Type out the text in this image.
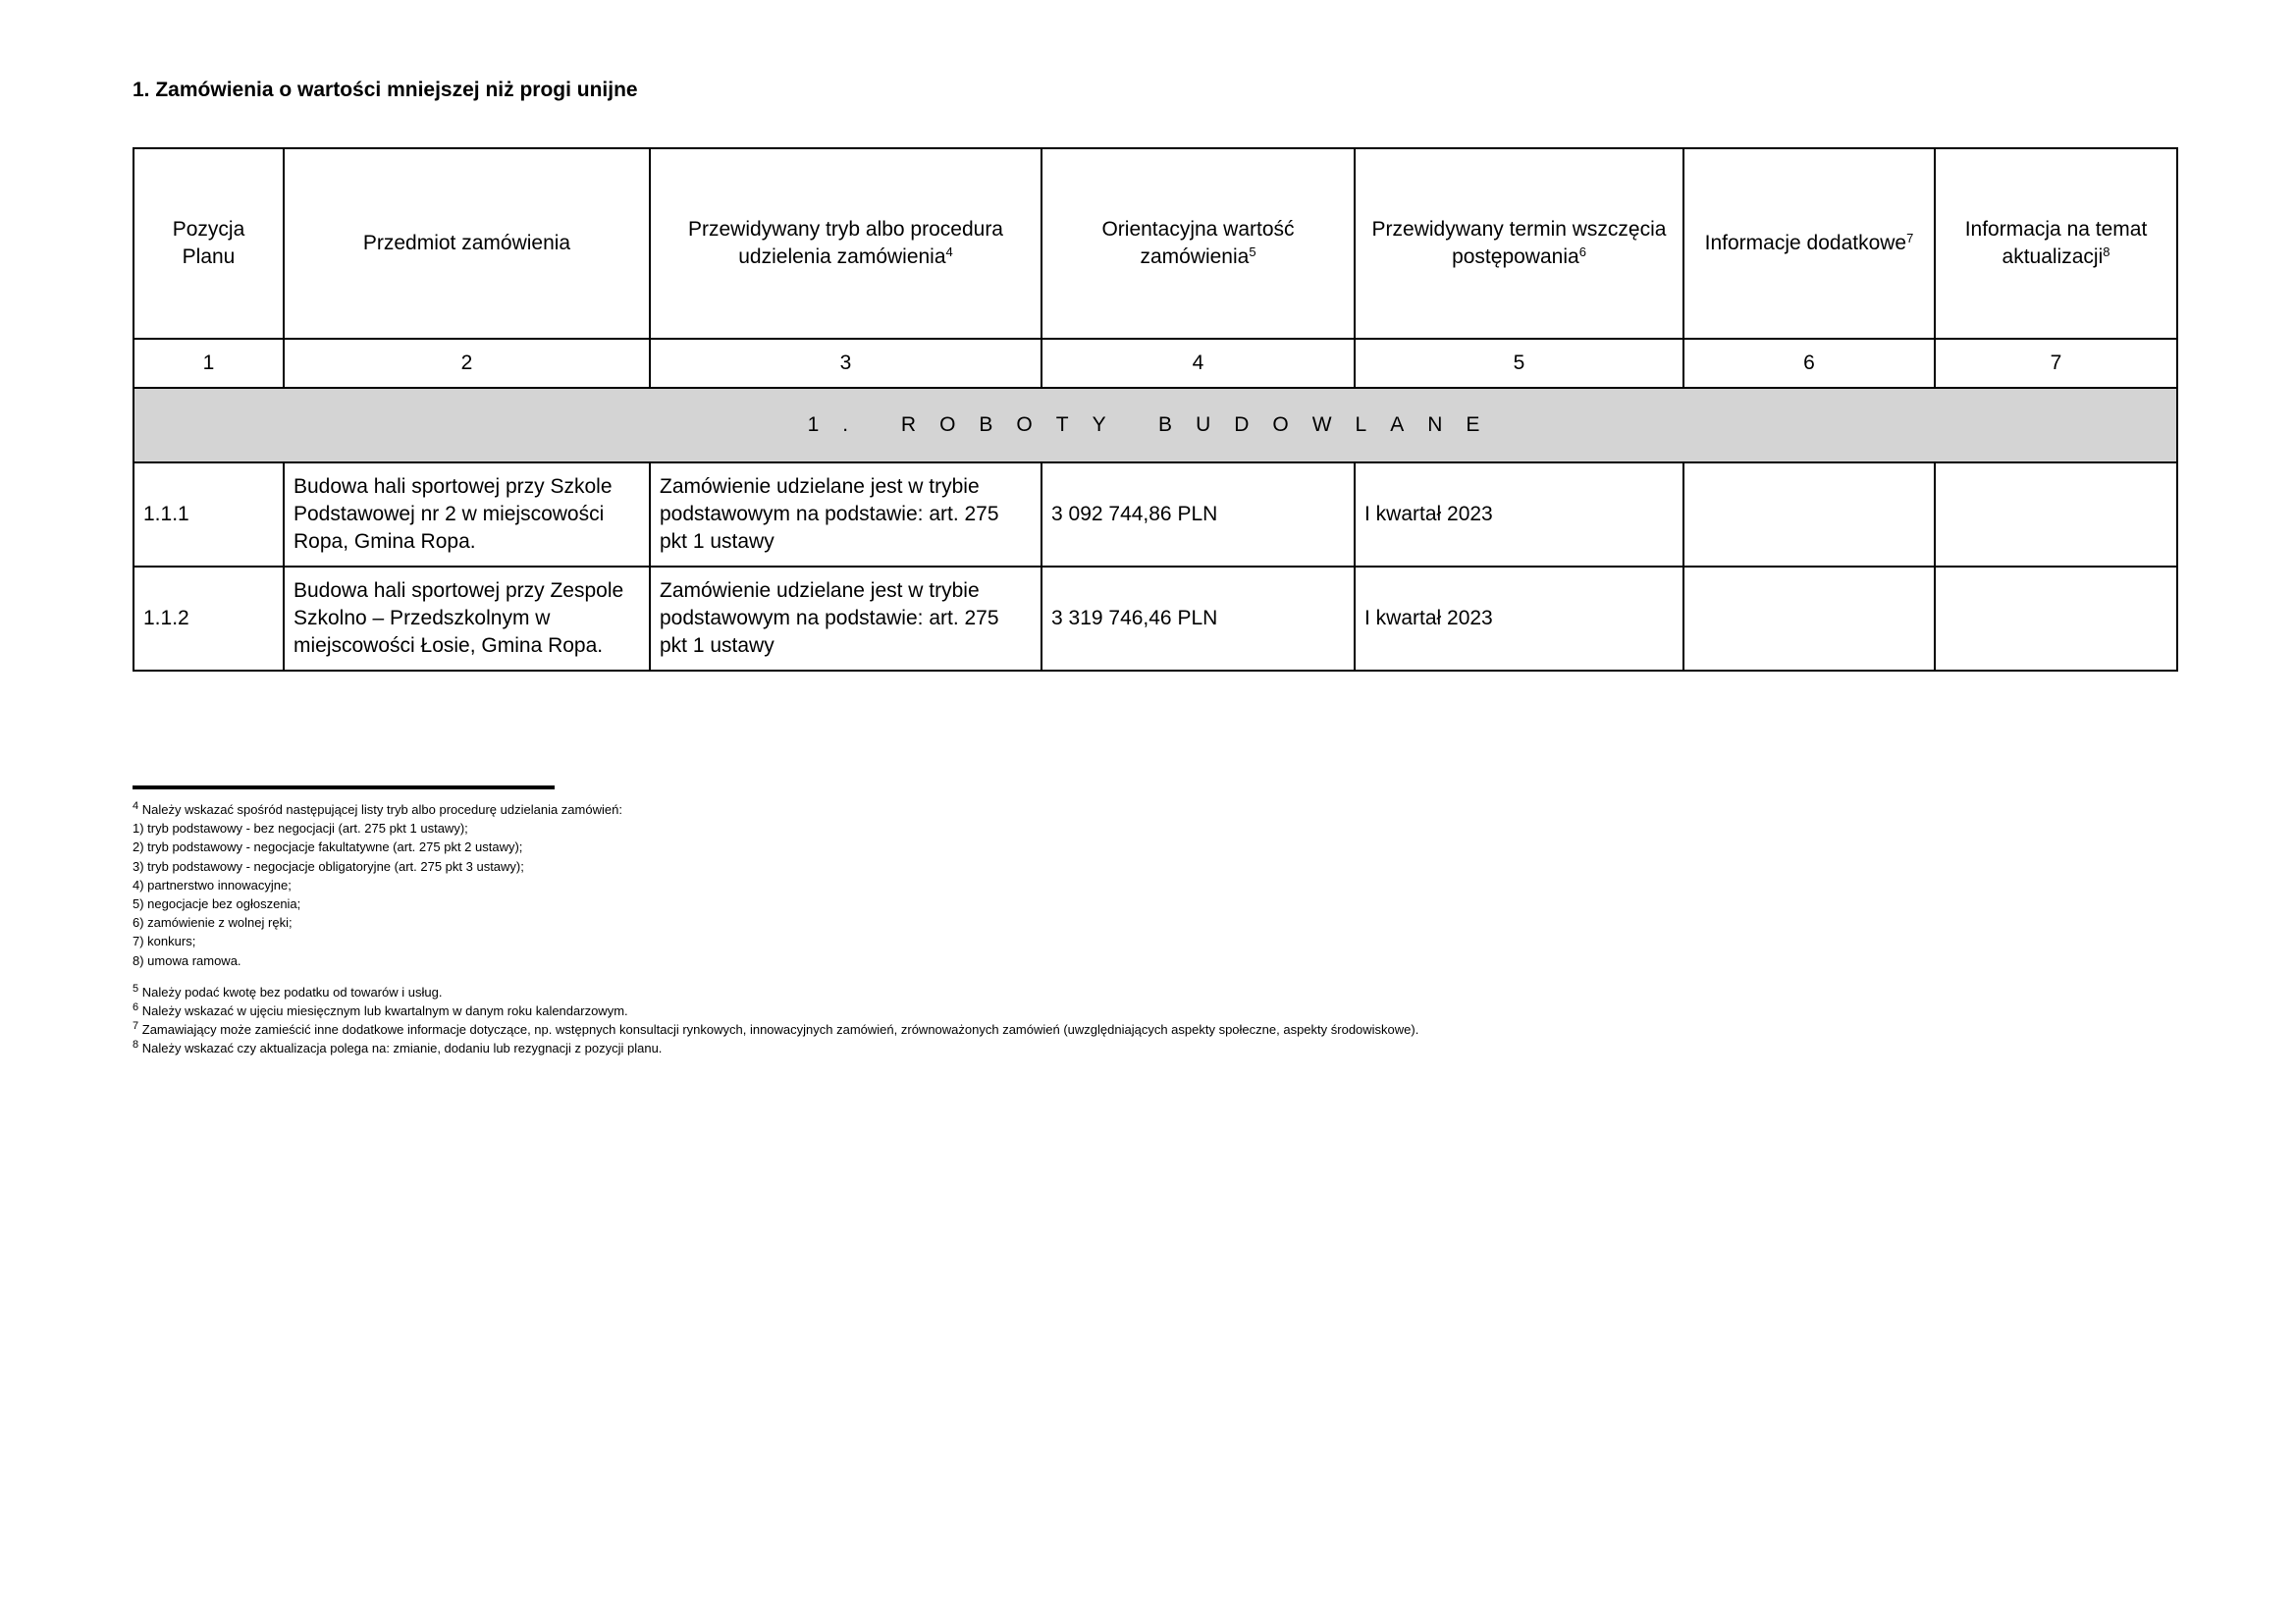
1. Zamówienia o wartości mniejszej niż progi unijne
Pozycja Planu	Przedmiot zamówienia	Przewidywany tryb albo procedura udzielenia zamówienia$^4$	Orientacyjna wartość zamówienia$^5$	Przewidywany termin wszczęcia postępowania$^6$	Informacje dodatkowe$^7$	Informacja na temat aktualizacji$^8$
1	2	3	4	5	6	7
1. ROBOTY BUDOWLANE						
1.1.1	Budowa hali sportowej przy Szkole Podstawowej nr 2 w miejscowości Ropa, Gmina Ropa.	Zamówienie udzielane jest w trybie podstawowym na podstawie: art. 275 pkt 1 ustawy	3 092 744,86 PLN	I kwartał 2023		
1.1.2	Budowa hali sportowej przy Zespole Szkolno – Przedszkolnym w miejscowości Łosie, Gmina Ropa.	Zamówienie udzielane jest w trybie podstawowym na podstawie: art. 275 pkt 1 ustawy	3 319 746,46 PLN	I kwartał 2023		
$^4$ Należy wskazać spośród następującej listy tryb albo procedurę udzielania zamówień:
1) tryb podstawowy - bez negocjacji (art. 275 pkt 1 ustawy);
2) tryb podstawowy - negocjacje fakultatywne (art. 275 pkt 2 ustawy);
3) tryb podstawowy - negocjacje obligatoryjne (art. 275 pkt 3 ustawy);
4) partnerstwo innowacyjne;
5) negocjacje bez ogłoszenia;
6) zamówienie z wolnej ręki;
7) konkurs;
8) umowa ramowa.
$^5$ Należy podać kwotę bez podatku od towarów i usług.
$^6$ Należy wskazać w ujęciu miesięcznym lub kwartalnym w danym roku kalendarzowym.
$^7$ Zamawiający może zamieścić inne dodatkowe informacje dotyczące, np. wstępnych konsultacji rynkowych, innowacyjnych zamówień, zrównoważonych zamówień (uwzględniających aspekty społeczne, aspekty środowiskowe).
$^8$ Należy wskazać czy aktualizacja polega na: zmianie, dodaniu lub rezygnacji z pozycji planu.
